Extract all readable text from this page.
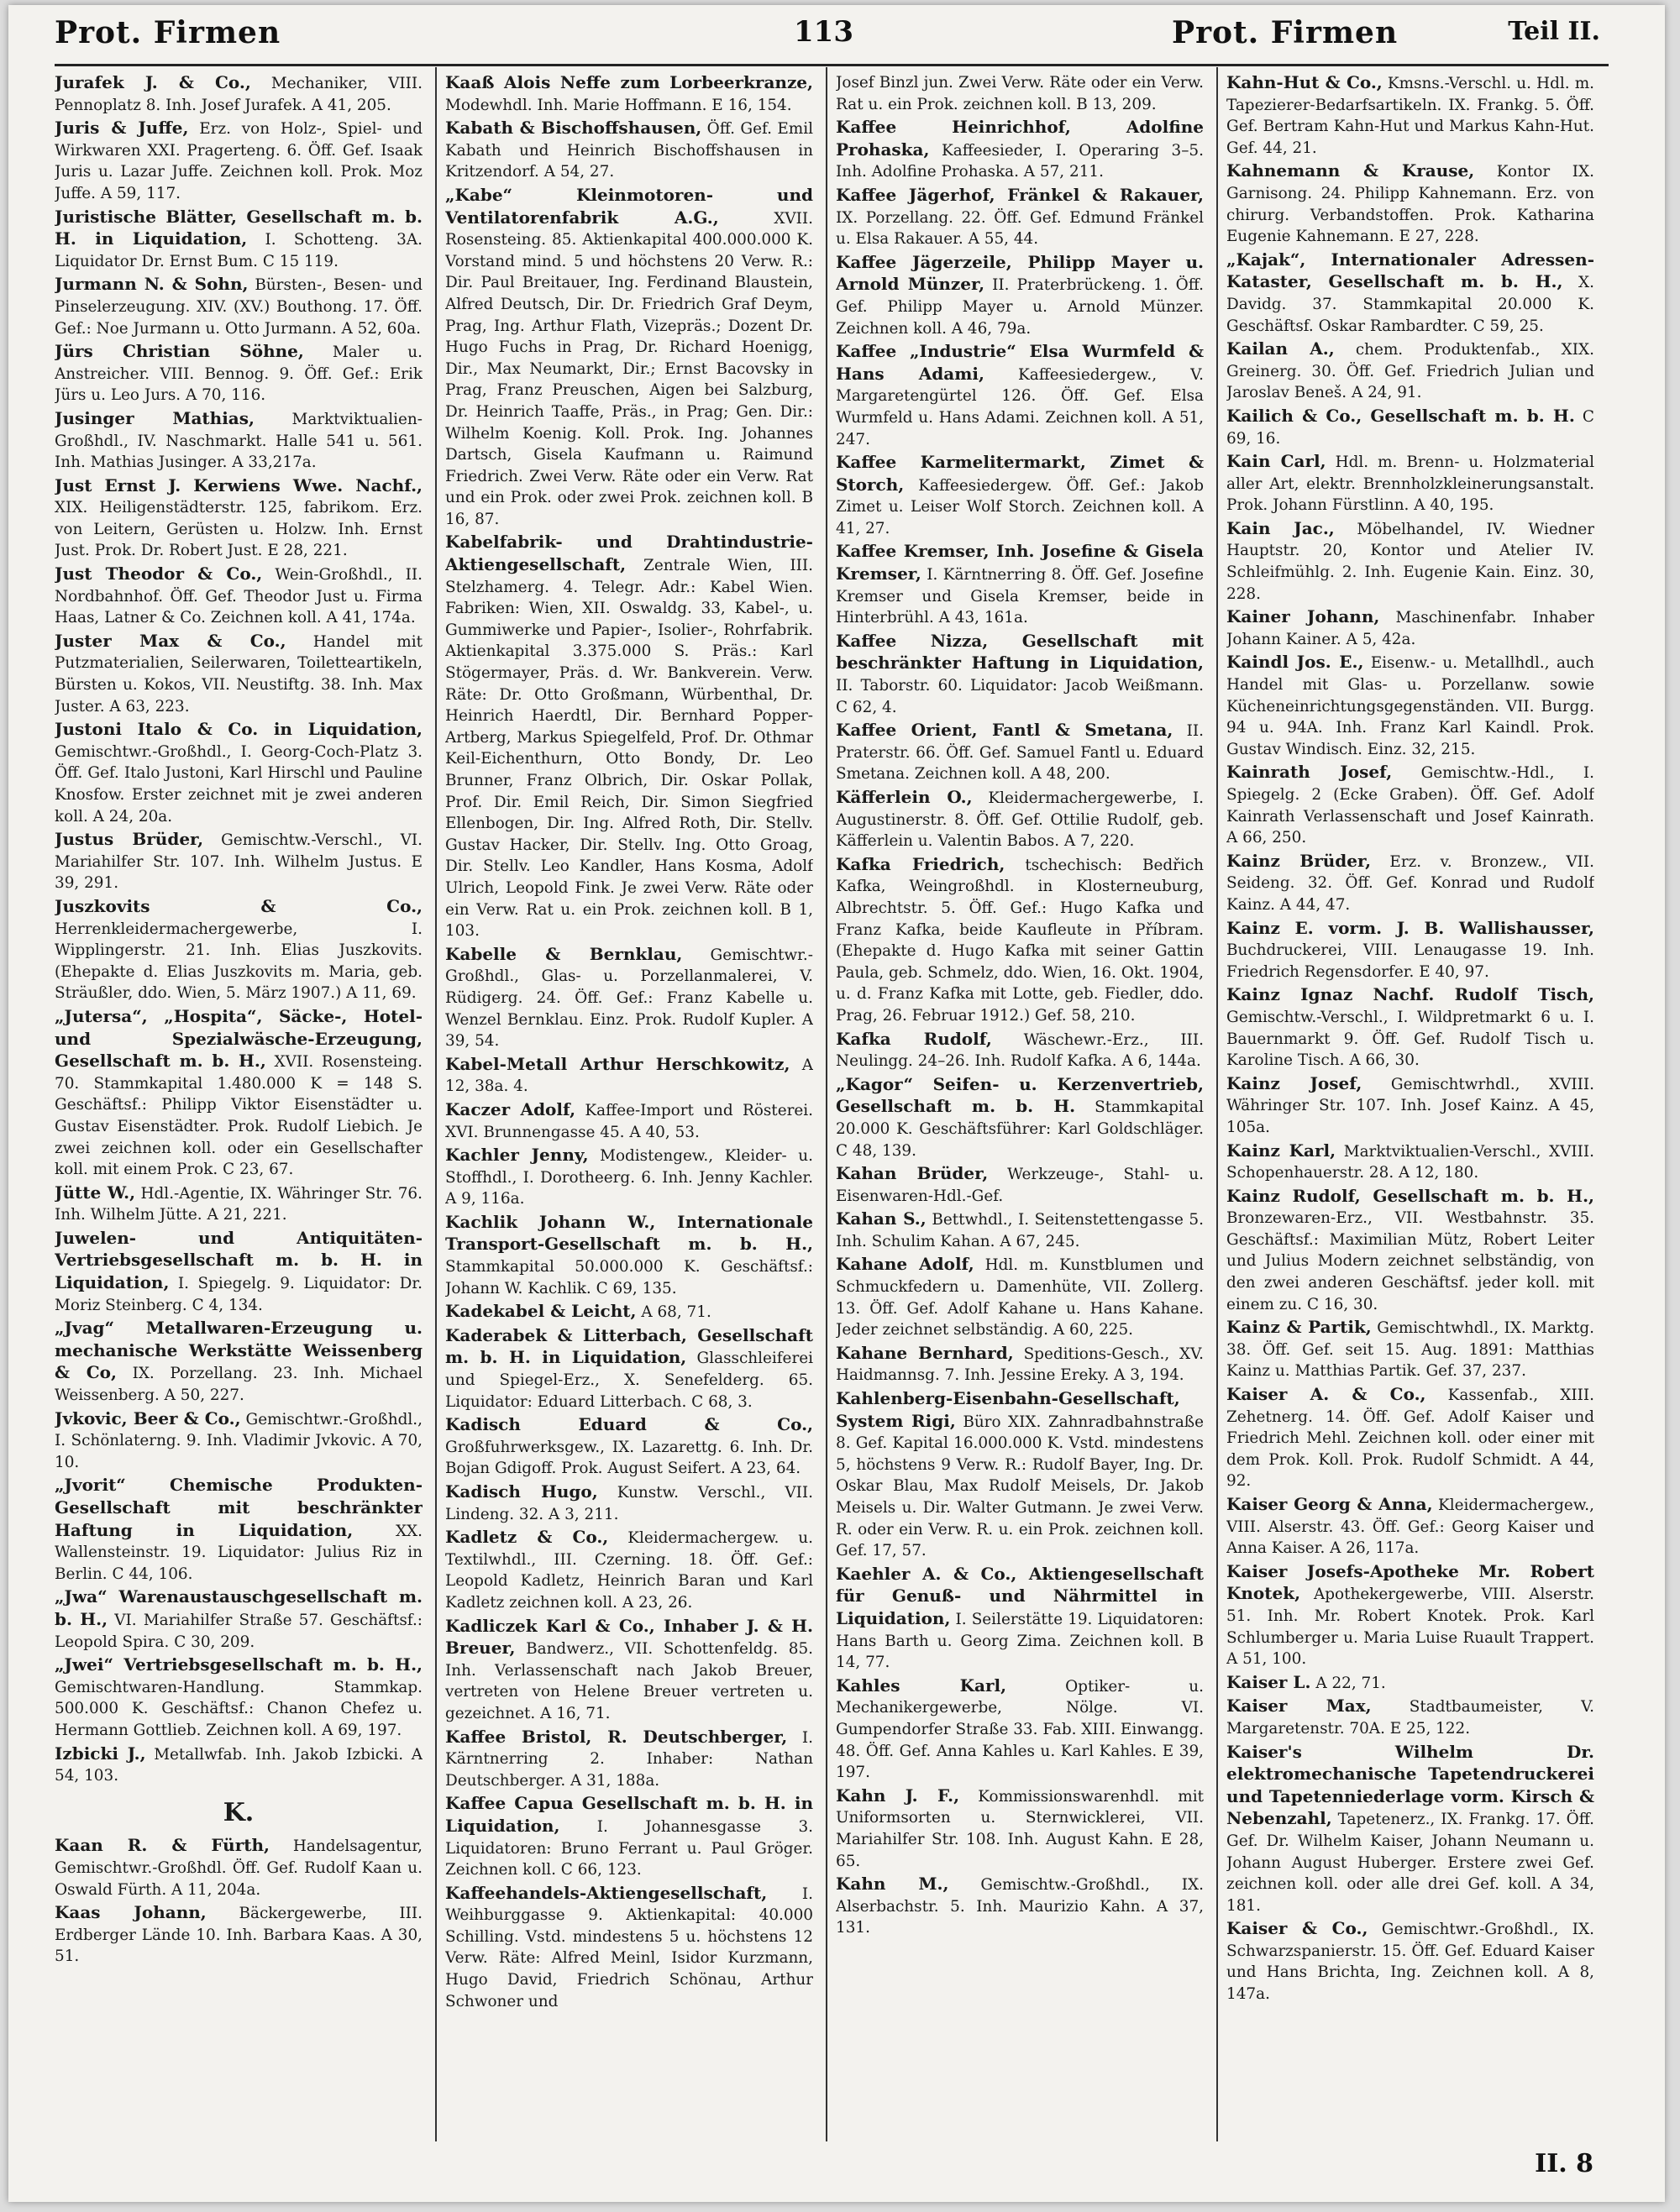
Prot. Firmen	113	Prot. Firmen	Teil II.
Jurafek J. & Co., Mechaniker, VIII. Pennoplatz 8. Inh. Josef Jurafek. A 41, 205.
Juris & Juffe, Erz. von Holz-, Spiel- und Wirkwaren XXI. Pragerteng. 6. Öff. Gef. Isaak Juris u. Lazar Juffe. Zeichnen koll. Prok. Moz Juffe. A 59, 117.
Juristische Blätter, Gesellschaft m. b. H. in Liquidation, I. Schotteng. 3A. Liquidator Dr. Ernst Bum. C 15 119.
Jurmann N. & Sohn, Bürsten-, Besen- und Pinselerzeugung. XIV. (XV.) Bouthong. 17. Öff. Gef.: Noe Jurmann u. Otto Jurmann. A 52, 60a.
Jürs Christian Söhne, Maler u. Anstreicher. VIII. Bennog. 9. Öff. Gef.: Erik Jürs u. Leo Jurs. A 70, 116.
Jusinger Mathias, Marktviktualien-Großhdl., IV. Naschmarkt. Halle 541 u. 561. Inh. Mathias Jusinger. A 33,217a.
Just Ernst J. Kerwiens Wwe. Nachf., XIX. Heiligenstädterstr. 125, fabrikom. Erz. von Leitern, Gerüsten u. Holzw. Inh. Ernst Just. Prok. Dr. Robert Just. E 28, 221.
Just Theodor & Co., Wein-Großhdl., II. Nordbahnhof. Öff. Gef. Theodor Just u. Firma Haas, Latner & Co. Zeichnen koll. A 41, 174a.
Juster Max & Co., Handel mit Putzmaterialien, Seilerwaren, Toiletteartikeln, Bürsten u. Kokos, VII. Neustiftg. 38. Inh. Max Juster. A 63, 223.
Justoni Italo & Co. in Liquidation, Gemischtwr.-Großhdl., I. Georg-Coch-Platz 3. Öff. Gef. Italo Justoni, Karl Hirschl und Pauline Knosfow. Erster zeichnet mit je zwei anderen koll. A 24, 20a.
Justus Brüder, Gemischtw.-Verschl., VI. Mariahilfer Str. 107. Inh. Wilhelm Justus. E 39, 291.
Juszkovits & Co., Herrenkleidermachergewerbe, I. Wipplingerstr. 21. Inh. Elias Juszkovits. (Ehepakte d. Elias Juszkovits m. Maria, geb. Sträußler, ddo. Wien, 5. März 1907.) A 11, 69.
„Jutersa“, „Hospita“, Säcke-, Hotel- und Spezialwäsche-Erzeugung, Gesellschaft m. b. H., XVII. Rosensteing. 70. Stammkapital 1.480.000 K = 148 S. Geschäftsf.: Philipp Viktor Eisenstädter u. Gustav Eisenstädter. Prok. Rudolf Liebich. Je zwei zeichnen koll. oder ein Gesellschafter koll. mit einem Prok. C 23, 67.
Jütte W., Hdl.-Agentie, IX. Währinger Str. 76. Inh. Wilhelm Jütte. A 21, 221.
Juwelen- und Antiquitäten-Vertriebsgesellschaft m. b. H. in Liquidation, I. Spiegelg. 9. Liquidator: Dr. Moriz Steinberg. C 4, 134.
„Jvag“ Metallwaren-Erzeugung u. mechanische Werkstätte Weissenberg & Co, IX. Porzellang. 23. Inh. Michael Weissenberg. A 50, 227.
Jvkovic, Beer & Co., Gemischtwr.-Großhdl., I. Schönlaterng. 9. Inh. Vladimir Jvkovic. A 70, 10.
„Jvorit“ Chemische Produkten-Gesellschaft mit beschränkter Haftung in Liquidation,	XX. Wallensteinstr. 19. Liquidator: Julius Riz in Berlin. C 44, 106.
„Jwa“ Warenaustauschgesellschaft m. b. H., VI. Mariahilfer Straße 57. Geschäftsf.: Leopold Spira. C 30, 209.
„Jwei“ Vertriebsgesellschaft m. b. H., Gemischtwaren-Handlung. Stammkap. 500.000 K. Geschäftsf.: Chanon Chefez u. Hermann Gottlieb. Zeichnen koll. A 69, 197.
Izbicki J., Metallwfab. Inh. Jakob Izbicki. A 54, 103.
K.
Kaan R. & Fürth, Handelsagentur, Gemischtwr.-Großhdl. Öff. Gef. Rudolf Kaan u. Oswald Fürth. A 11, 204a.
Kaas Johann, Bäckergewerbe, III. Erdberger Lände 10. Inh. Barbara Kaas. A 30, 51.
Kaaß Alois Neffe zum Lorbeerkranze, Modewhdl. Inh. Marie Hoffmann. E 16, 154.
Kabath & Bischoffshausen, Öff. Gef. Emil Kabath und Heinrich Bischoffshausen in Kritzendorf. A 54, 27.
„Kabe“ Kleinmotoren- und Ventilatorenfabrik A.G.,	XVII. Rosensteing. 85. Aktienkapital 400.000.000 K. Vorstand mind. 5 und höchstens 20 Verw. R.: Dir. Paul Breitauer, Ing. Ferdinand Blaustein, Alfred Deutsch, Dir. Dr. Friedrich Graf Deym, Prag, Ing. Arthur Flath, Vizepräs.; Dozent Dr. Hugo Fuchs in Prag, Dr. Richard Hoenigg, Dir., Max Neumarkt, Dir.; Ernst Bacovsky in Prag, Franz Preuschen, Aigen bei Salzburg, Dr. Heinrich Taaffe, Präs., in Prag; Gen. Dir.: Wilhelm Koenig. Koll. Prok. Ing. Johannes Dartsch, Gisela Kaufmann u. Raimund Friedrich. Zwei Verw. Räte oder ein Verw. Rat und ein Prok. oder zwei Prok. zeichnen koll. B 16, 87.
Kabelfabrik- und Drahtindustrie-Aktiengesellschaft, Zentrale Wien, III. Stelzhamerg. 4. Telegr. Adr.: Kabel Wien. Fabriken: Wien, XII. Oswaldg. 33, Kabel-, u. Gummiwerke und Papier-, Isolier-, Rohrfabrik. Aktienkapital 3.375.000 S. Präs.: Karl Stögermayer, Präs. d. Wr. Bankverein. Verw. Räte: Dr. Otto Großmann, Würbenthal, Dr. Heinrich Haerdtl, Dir. Bernhard Popper-Artberg, Markus Spiegelfeld, Prof. Dr. Othmar Keil-Eichenthurn, Otto Bondy, Dr. Leo Brunner, Franz Olbrich, Dir. Oskar Pollak, Prof. Dir. Emil Reich, Dir. Simon Siegfried Ellenbogen, Dir. Ing. Alfred Roth, Dir. Stellv. Gustav Hacker, Dir. Stellv. Ing. Otto Groag, Dir. Stellv. Leo Kandler, Hans Kosma, Adolf Ulrich, Leopold Fink. Je zwei Verw. Räte oder ein Verw. Rat u. ein Prok. zeichnen koll. B 1, 103.
Kabelle & Bernklau, Gemischtwr.-Großhdl., Glas- u. Porzellanmalerei, V. Rüdigerg. 24. Öff. Gef.: Franz Kabelle u. Wenzel Bernklau. Einz. Prok. Rudolf Kupler. A 39, 54.
Kabel-Metall Arthur Herschkowitz, A 12, 38a. 4.
Kaczer Adolf, Kaffee-Import und Rösterei. XVI. Brunnengasse 45. A 40, 53.
Kachler Jenny, Modistengew., Kleider- u. Stoffhdl., I. Dorotheerg. 6. Inh. Jenny Kachler. A 9, 116a.
Kachlik Johann W., Internationale Transport-Gesellschaft m. b. H., Stammkapital 50.000.000 K. Geschäftsf.: Johann W. Kachlik. C 69, 135.
Kadekabel & Leicht, A 68, 71.
Kaderabek & Litterbach, Gesellschaft m. b. H. in Liquidation, Glasschleiferei und Spiegel-Erz., X. Senefelderg. 65. Liquidator: Eduard Litterbach. C 68, 3.
Kadisch Eduard & Co., Großfuhrwerksgew., IX. Lazarettg. 6. Inh. Dr. Bojan Gdigoff. Prok. August Seifert. A 23, 64.
Kadisch Hugo, Kunstw. Verschl., VII. Lindeng. 32. A 3, 211.
Kadletz & Co., Kleidermachergew. u. Textilwhdl., III. Czerning. 18. Öff. Gef.: Leopold Kadletz, Heinrich Baran und Karl Kadletz zeichnen koll. A 23, 26.
Kadliczek Karl & Co., Inhaber J. & H. Breuer, Bandwerz., VII. Schottenfeldg. 85. Inh. Verlassenschaft nach Jakob Breuer, vertreten von Helene Breuer vertreten u. gezeichnet. A 16, 71.
Kaffee Bristol, R. Deutschberger, I. Kärntnerring 2. Inhaber: Nathan Deutschberger. A 31, 188a.
Kaffee Capua Gesellschaft m. b. H. in Liquidation, I. Johannesgasse 3. Liquidatoren: Bruno Ferrant u. Paul Gröger. Zeichnen koll. C 66, 123.
Kaffeehandels-Aktiengesellschaft, I. Weihburggasse 9. Aktienkapital: 40.000 Schilling. Vstd. mindestens 5 u. höchstens 12 Verw. Räte: Alfred Meinl, Isidor Kurzmann, Hugo David, Friedrich Schönau, Arthur Schwoner und
Josef Binzl jun. Zwei Verw. Räte oder ein Verw. Rat u. ein Prok. zeichnen koll. B 13, 209.
Kaffee Heinrichhof, Adolfine Prohaska, Kaffeesieder, I. Operaring 3–5. Inh. Adolfine Prohaska. A 57, 211.
Kaffee Jägerhof, Fränkel & Rakauer, IX. Porzellang. 22. Öff. Gef. Edmund Fränkel u. Elsa Rakauer. A 55, 44.
Kaffee Jägerzeile, Philipp Mayer u. Arnold Münzer, II. Praterbrückeng. 1. Öff. Gef. Philipp Mayer u. Arnold Münzer. Zeichnen koll. A 46, 79a.
Kaffee „Industrie“ Elsa Wurmfeld & Hans Adami, Kaffeesiedergew., V. Margaretengürtel 126. Öff. Gef. Elsa Wurmfeld u. Hans Adami. Zeichnen koll. A 51, 247.
Kaffee Karmelitermarkt, Zimet & Storch, Kaffeesiedergew. Öff. Gef.: Jakob Zimet u. Leiser Wolf Storch. Zeichnen koll. A 41, 27.
Kaffee Kremser, Inh. Josefine & Gisela Kremser, I. Kärntnerring 8. Öff. Gef. Josefine Kremser und Gisela Kremser, beide in Hinterbrühl. A 43, 161a.
Kaffee Nizza, Gesellschaft mit beschränkter Haftung in Liquidation, II. Taborstr. 60. Liquidator: Jacob Weißmann. C 62, 4.
Kaffee Orient, Fantl & Smetana, II. Praterstr. 66. Öff. Gef. Samuel Fantl u. Eduard Smetana. Zeichnen koll. A 48, 200.
Käfferlein O., Kleidermachergewerbe, I. Augustinerstr. 8. Öff. Gef. Ottilie Rudolf, geb. Käfferlein u. Valentin Babos. A 7, 220.
Kafka Friedrich, tschechisch: Bedřich Kafka, Weingroßhdl. in Klosterneuburg, Albrechtstr. 5. Öff. Gef.: Hugo Kafka und Franz Kafka, beide Kaufleute in Příbram. (Ehepakte d. Hugo Kafka mit seiner Gattin Paula, geb. Schmelz, ddo. Wien, 16. Okt. 1904, u. d. Franz Kafka mit Lotte, geb. Fiedler, ddo. Prag, 26. Februar 1912.) Gef. 58, 210.
Kafka Rudolf, Wäschewr.-Erz., III. Neulingg. 24–26. Inh. Rudolf Kafka. A 6, 144a.
„Kagor“ Seifen- u. Kerzenvertrieb, Gesellschaft m. b. H. Stammkapital 20.000 K. Geschäftsführer: Karl Goldschläger. C 48, 139.
Kahan Brüder, Werkzeuge-, Stahl- u. Eisenwaren-Hdl.-Gef.
Kahan S., Bettwhdl., I. Seitenstettengasse 5. Inh. Schulim Kahan. A 67, 245.
Kahane Adolf, Hdl. m. Kunstblumen und Schmuckfedern u. Damenhüte, VII. Zollerg. 13. Öff. Gef. Adolf Kahane u. Hans Kahane. Jeder zeichnet selbständig. A 60, 225.
Kahane Bernhard, Speditions-Gesch., XV. Haidmannsg. 7. Inh. Jessine Ereky. A 3, 194.
Kahlenberg-Eisenbahn-Gesellschaft, System Rigi, Büro XIX. Zahnradbahnstraße 8. Gef. Kapital 16.000.000 K. Vstd. mindestens 5, höchstens 9 Verw. R.: Rudolf Bayer, Ing. Dr. Oskar Blau, Max Rudolf Meisels, Dr. Jakob Meisels u. Dir. Walter Gutmann. Je zwei Verw. R. oder ein Verw. R. u. ein Prok. zeichnen koll. Gef. 17, 57.
Kaehler A. & Co., Aktiengesellschaft für Genuß- und Nährmittel in Liquidation, I. Seilerstätte 19. Liquidatoren: Hans Barth u. Georg Zima. Zeichnen koll. B 14, 77.
Kahles Karl,	Optiker- u. Mechanikergewerbe, Nölge. VI. Gumpendorfer Straße 33. Fab. XIII. Einwangg. 48. Öff. Gef. Anna Kahles u. Karl Kahles. E 39, 197.
Kahn J. F., Kommissionswarenhdl. mit Uniformsorten u. Sternwicklerei, VII. Mariahilfer Str. 108. Inh. August Kahn. E 28, 65.
Kahn M., Gemischtw.-Großhdl., IX. Alserbachstr. 5. Inh. Maurizio Kahn. A 37, 131.
Kahn-Hut & Co., Kmsns.-Verschl. u. Hdl. m. Tapezierer-Bedarfsartikeln. IX. Frankg. 5. Öff. Gef. Bertram Kahn-Hut und Markus Kahn-Hut. Gef. 44, 21.
Kahnemann & Krause, Kontor IX. Garnisong. 24. Philipp Kahnemann. Erz. von chirurg. Verbandstoffen. Prok. Katharina Eugenie Kahnemann. E 27, 228.
„Kajak“, Internationaler Adressen-Kataster, Gesellschaft m. b. H., X. Davidg. 37. Stammkapital 20.000 K. Geschäftsf. Oskar Rambardter. C 59, 25.
Kailan A., chem. Produktenfab., XIX. Greinerg. 30. Öff. Gef. Friedrich Julian und Jaroslav Beneš. A 24, 91.
Kailich & Co., Gesellschaft m. b. H. C 69, 16.
Kain Carl, Hdl. m. Brenn- u. Holzmaterial aller Art, elektr. Brennholzkleinerungsanstalt. Prok. Johann Fürstlinn. A 40, 195.
Kain Jac., Möbelhandel, IV. Wiedner Hauptstr. 20, Kontor und Atelier IV. Schleifmühlg. 2. Inh. Eugenie Kain. Einz. 30, 228.
Kainer Johann, Maschinenfabr. Inhaber Johann Kainer. A 5, 42a.
Kaindl Jos. E., Eisenw.- u. Metallhdl., auch Handel mit Glas- u. Porzellanw. sowie Kücheneinrichtungsgegenständen. VII. Burgg. 94 u. 94A. Inh. Franz Karl Kaindl. Prok. Gustav Windisch. Einz. 32, 215.
Kainrath Josef, Gemischtw.-Hdl., I. Spiegelg. 2 (Ecke Graben). Öff. Gef. Adolf Kainrath Verlassenschaft und Josef Kainrath. A 66, 250.
Kainz Brüder, Erz. v. Bronzew., VII. Seideng. 32. Öff. Gef. Konrad und Rudolf Kainz. A 44, 47.
Kainz E. vorm. J. B. Wallishausser, Buchdruckerei, VIII. Lenaugasse 19. Inh. Friedrich Regensdorfer. E 40, 97.
Kainz Ignaz Nachf. Rudolf Tisch, Gemischtw.-Verschl., I. Wildpretmarkt 6 u. I. Bauernmarkt 9. Öff. Gef. Rudolf Tisch u. Karoline Tisch. A 66, 30.
Kainz Josef, Gemischtwrhdl., XVIII. Währinger Str. 107. Inh. Josef Kainz. A 45, 105a.
Kainz Karl, Marktviktualien-Verschl., XVIII. Schopenhauerstr. 28. A 12, 180.
Kainz Rudolf, Gesellschaft m. b. H., Bronzewaren-Erz., VII. Westbahnstr. 35. Geschäftsf.: Maximilian Mütz, Robert Leiter und Julius Modern zeichnet selbständig, von den zwei anderen Geschäftsf. jeder koll. mit einem zu. C 16, 30.
Kainz & Partik, Gemischtwhdl., IX. Marktg. 38. Öff. Gef. seit 15. Aug. 1891: Matthias Kainz u. Matthias Partik. Gef. 37, 237.
Kaiser A. & Co., Kassenfab., XIII. Zehetnerg. 14. Öff. Gef. Adolf Kaiser und Friedrich Mehl. Zeichnen koll. oder einer mit dem Prok. Koll. Prok. Rudolf Schmidt. A 44, 92.
Kaiser Georg & Anna, Kleidermachergew., VIII. Alserstr. 43. Öff. Gef.: Georg Kaiser und Anna Kaiser. A 26, 117a.
Kaiser Josefs-Apotheke Mr. Robert Knotek, Apothekergewerbe, VIII. Alserstr. 51. Inh. Mr. Robert Knotek. Prok. Karl Schlumberger u. Maria Luise Ruault Trappert. A 51, 100.
Kaiser L. A 22, 71.
Kaiser Max, Stadtbaumeister, V. Margaretenstr. 70A. E 25, 122.
Kaiser's Wilhelm Dr. elektromechanische Tapetendruckerei und Tapetenniederlage vorm. Kirsch & Nebenzahl, Tapetenerz., IX. Frankg. 17. Öff. Gef. Dr. Wilhelm Kaiser, Johann Neumann u. Johann August Huberger. Erstere zwei Gef. zeichnen koll. oder alle drei Gef. koll. A 34, 181.
Kaiser & Co., Gemischtwr.-Großhdl., IX. Schwarzspanierstr. 15. Öff. Gef. Eduard Kaiser und Hans Brichta, Ing. Zeichnen koll. A 8, 147a.
II. 8
